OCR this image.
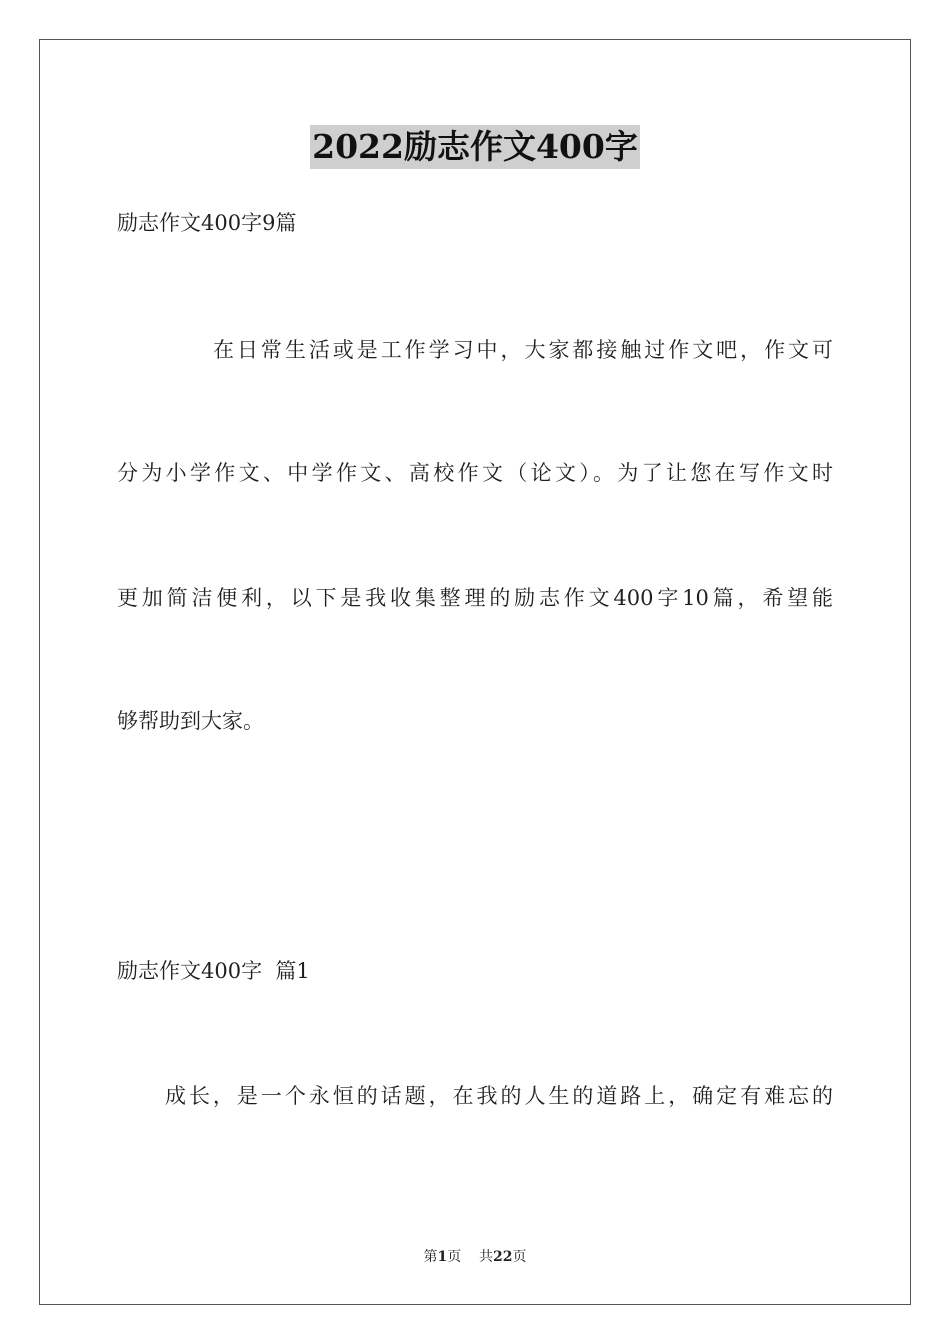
2022励志作文400字
励志作文400字9篇
在日常生活或是工作学习中，大家都接触过作文吧，作文可
分为小学作文、中学作文、高校作文（论文）。为了让您在写作文时
更加简洁便利，以下是我收集整理的励志作文400字10篇，希望能
够帮助到大家。
励志作文400字  篇1
成长，是一个永恒的话题，在我的人生的道路上，确定有难忘的
第1页    共22页
